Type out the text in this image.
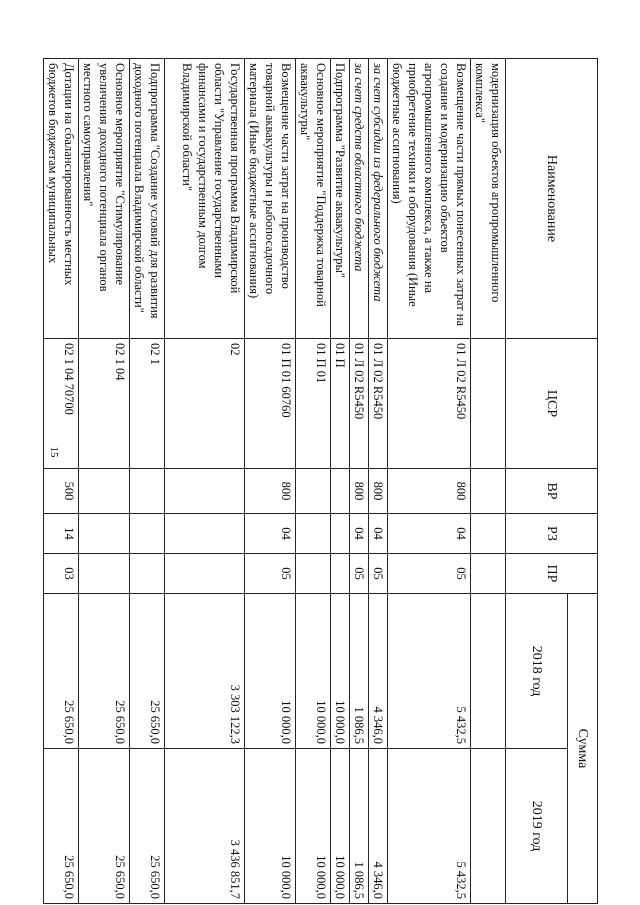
15
Наименование	ЦСР	ВР	РЗ	ПР	Сумма	
					2018 год	2019 год
модернизация объектов агропромышленного комплекса"						
Возмещение части прямых понесенных затрат на создание и модернизацию объектов агропромышленного комплекса, а также на приобретение техники и оборудования (Иные бюджетные ассигнования)	01 Л 02 R5450	800	04	05	5 432,5	5 432,5
за счет субсидии из федерального бюджета	01 Л 02 R5450	800	04	05	4 346,0	4 346,0
за счет средств областного бюджета	01 Л 02 R5450	800	04	05	1 086,5	1 086,5
Подпрограмма "Развитие аквакультуры"	01 П				10 000,0	10 000,0
Основное мероприятие "Поддержка товарной аквакультуры"	01 П 01				10 000,0	10 000,0
Возмещение части затрат на производство товарной аквакультуры и рыбопосадочного материала (Иные бюджетные ассигнования)	01 П 01 60760	800	04	05	10 000,0	10 000,0
Государственная программа Владимирской области "Управление государственными финансами и государственным долгом Владимирской области"	02				3 303 122,3	3 436 851,7
Подпрограмма "Создание условий для развития доходного потенциала Владимирской области"	02 1				25 650,0	25 650,0
Основное мероприятие "Стимулирование увеличения доходного потенциала органов местного самоуправления"	02 1 04				25 650,0	25 650,0
Дотации на сбалансированность местных бюджетов бюджетам муниципальных	02 1 04 70700	500	14	03	25 650,0	25 650,0
